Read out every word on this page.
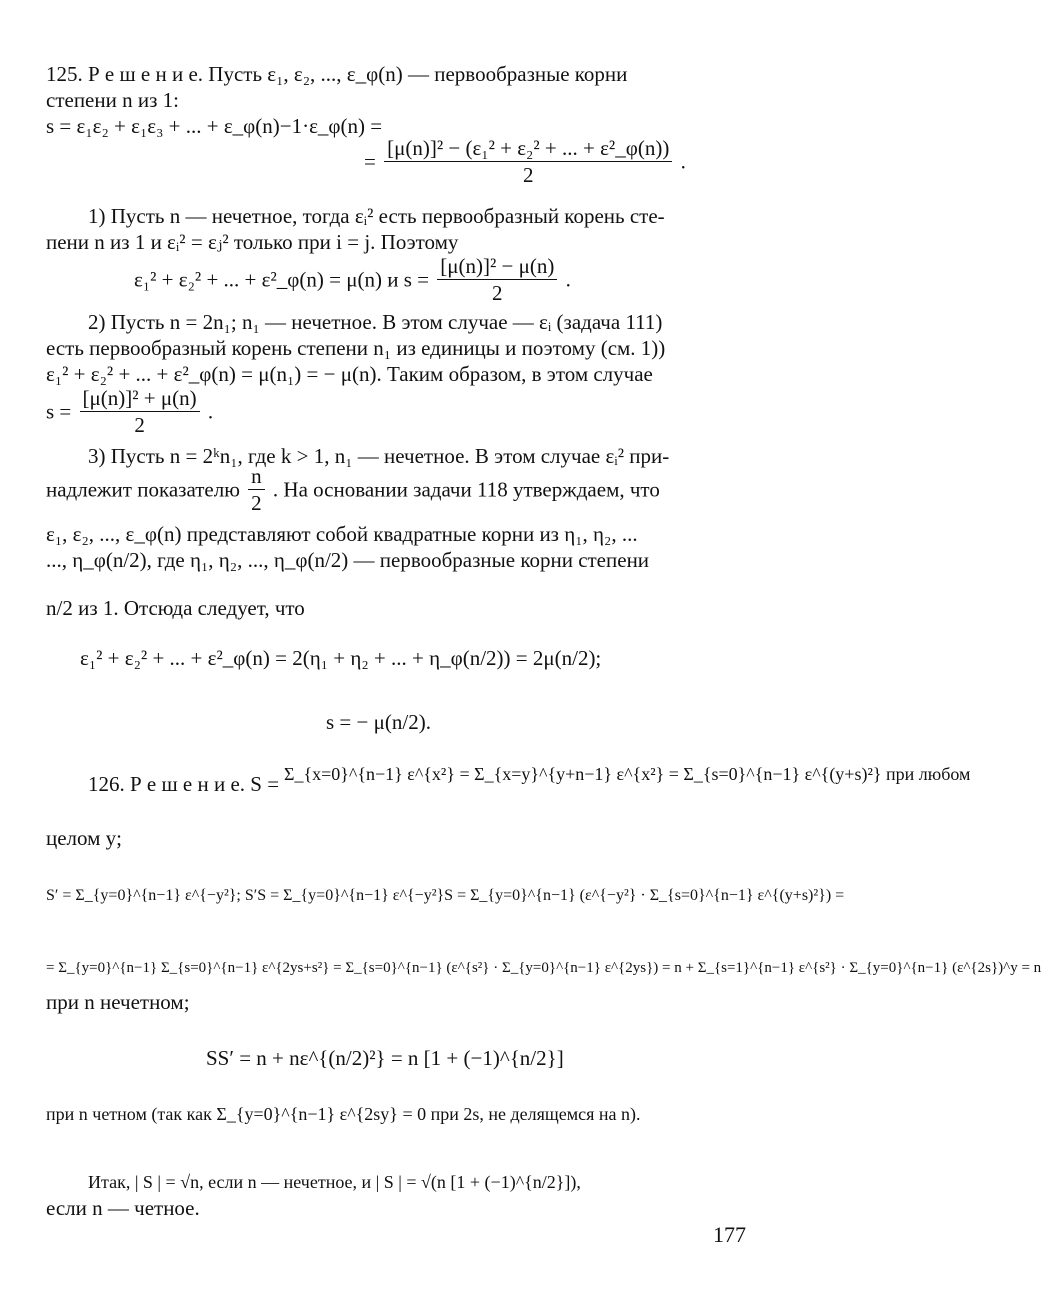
125. Р е ш е н и е. Пусть ε₁, ε₂, ..., ε_φ(n) — первообразные корни
степени n из 1:
s = ε₁ε₂ + ε₁ε₃ + ... + ε_φ(n)−1·ε_φ(n) =
= $\frac{\text{[μ(n)]² − (ε₁² + ε₂² + ... + ε²\_φ(n))}}{2}$ .
1) Пусть n — нечетное, тогда εᵢ² есть первообразный корень сте-
пени n из 1 и εᵢ² = εⱼ² только при i = j. Поэтому
ε₁² + ε₂² + ... + ε²_φ(n) = μ(n) и $s = \frac{\text{[μ(n)]² − μ(n)}}{2}$ .
2) Пусть n = 2n₁; n₁ — нечетное. В этом случае — εᵢ (задача 111)
есть первообразный корень степени n₁ из единицы и поэтому (см. 1))
ε₁² + ε₂² + ... + ε²_φ(n) = μ(n₁) = − μ(n). Таким образом, в этом случае
$s = \frac{\text{[μ(n)]² + μ(n)}}{2}$ .
3) Пусть n = 2ᵏn₁, где k > 1, n₁ — нечетное. В этом случае εᵢ² при-
надлежит показателю $\frac{n}{2}$ . На основании задачи 118 утверждаем, что
ε₁, ε₂, ..., ε_φ(n) представляют собой квадратные корни из η₁, η₂, ...
..., η_φ(n/2), где η₁, η₂, ..., η_φ(n/2) — первообразные корни степени
n/2 из 1. Отсюда следует, что
ε₁² + ε₂² + ... + ε²_φ(n) = 2(η₁ + η₂ + ... + η_φ(n/2)) = 2μ(n/2);
s = − μ(n/2).
126. Р е ш е н и е. S = Σ_{x=0}^{n−1} ε^{x²} = Σ_{x=y}^{y+n−1} ε^{x²} = Σ_{s=0}^{n−1} ε^{(y+s)²} при любом
целом y;
S′ = Σ_{y=0}^{n−1} ε^{−y²}; S′S = Σ_{y=0}^{n−1} ε^{−y²}S = Σ_{y=0}^{n−1} (ε^{−y²} · Σ_{s=0}^{n−1} ε^{(y+s)²}) =
= Σ_{y=0}^{n−1} Σ_{s=0}^{n−1} ε^{2ys+s²} = Σ_{s=0}^{n−1} (ε^{s²} · Σ_{y=0}^{n−1} ε^{2ys}) = n + Σ_{s=1}^{n−1} ε^{s²} · Σ_{y=0}^{n−1} (ε^{2s})^y = n
при n нечетном;
SS′ = n + nε^{(n/2)²} = n [1 + (−1)^{n/2}]
при n четном (так как Σ_{y=0}^{n−1} ε^{2sy} = 0 при 2s, не делящемся на n).
Итак, | S | = √n, если n — нечетное, и | S | = √(n [1 + (−1)^{n/2}]),
если n — четное.
177
